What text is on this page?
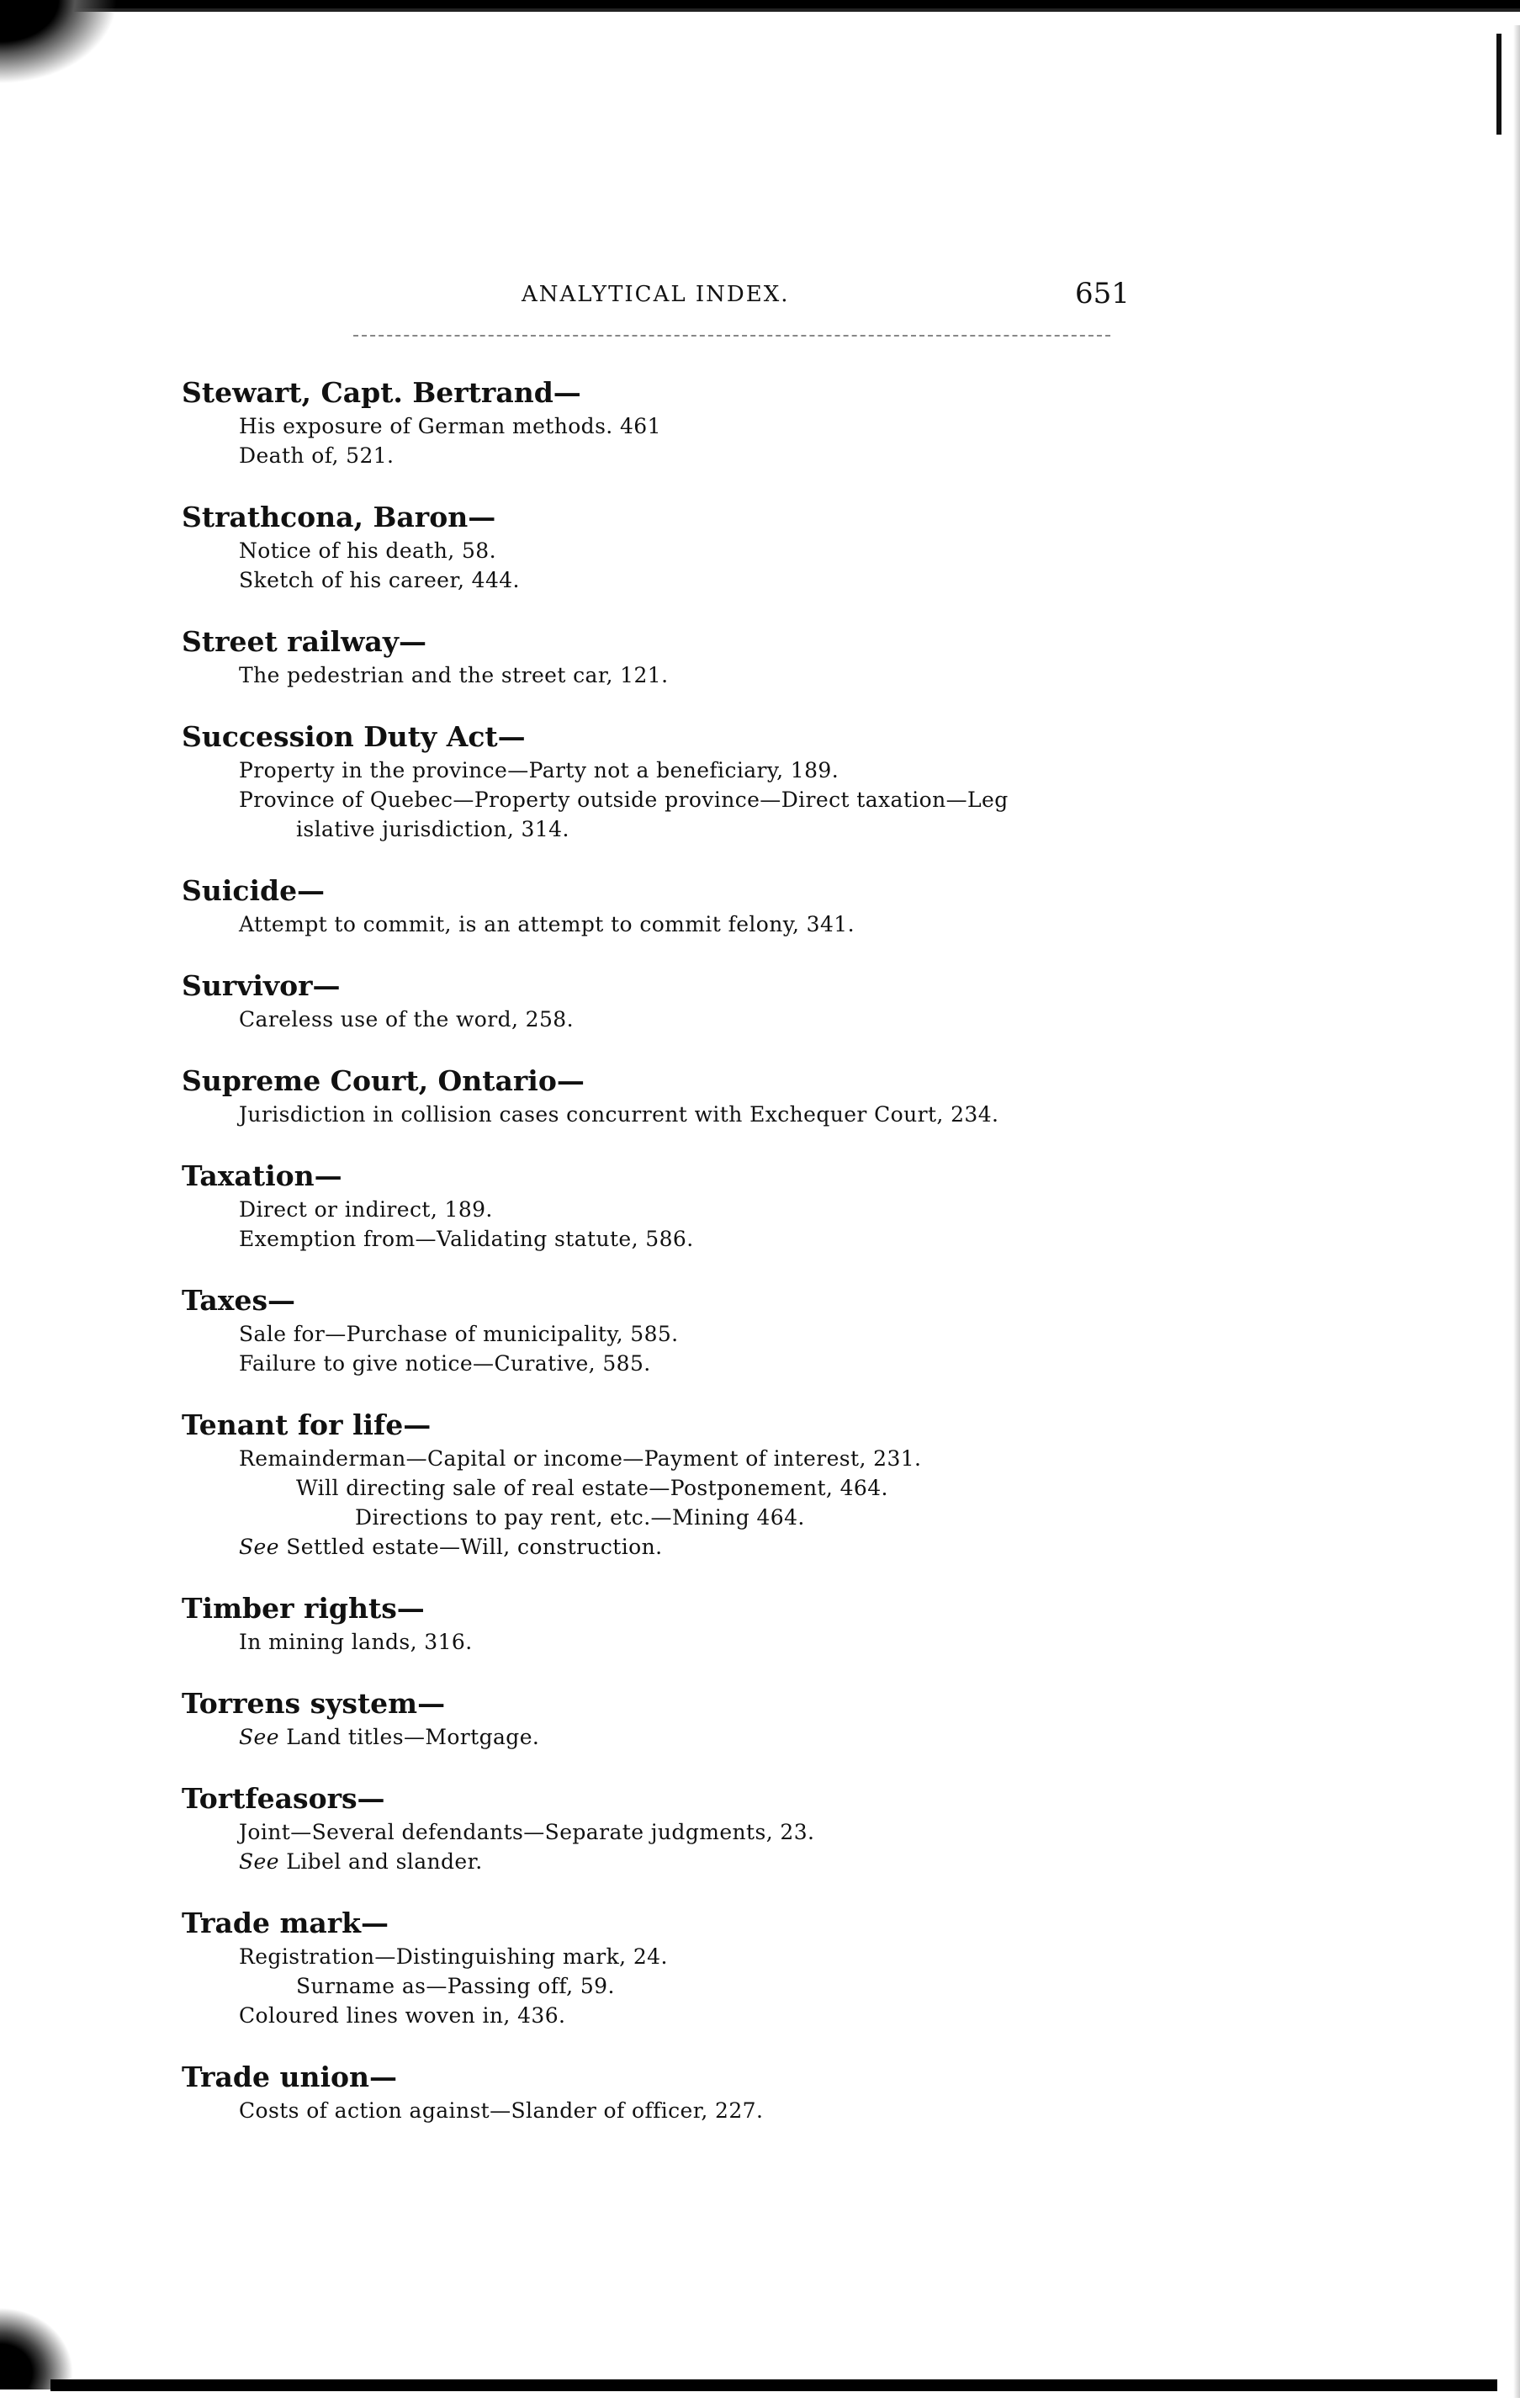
ANALYTICAL INDEX.	651
Stewart, Capt. Bertrand—
His exposure of German methods. 461
Death of, 521.
Strathcona, Baron—
Notice of his death, 58.
Sketch of his career, 444.
Street railway—
The pedestrian and the street car, 121.
Succession Duty Act—
Property in the province—Party not a beneficiary, 189.
Province of Quebec—Property outside province—Direct taxation—Leg
islative jurisdiction, 314.
Suicide—
Attempt to commit, is an attempt to commit felony, 341.
Survivor—
Careless use of the word, 258.
Supreme Court, Ontario—
Jurisdiction in collision cases concurrent with Exchequer Court, 234.
Taxation—
Direct or indirect, 189.
Exemption from—Validating statute, 586.
Taxes—
Sale for—Purchase of municipality, 585.
Failure to give notice—Curative, 585.
Tenant for life—
Remainderman—Capital or income—Payment of interest, 231.
Will directing sale of real estate—Postponement, 464.
Directions to pay rent, etc.—Mining 464.
See Settled estate—Will, construction.
Timber rights—
In mining lands, 316.
Torrens system—
See Land titles—Mortgage.
Tortfeasors—
Joint—Several defendants—Separate judgments, 23.
See Libel and slander.
Trade mark—
Registration—Distinguishing mark, 24.
Surname as—Passing off, 59.
Coloured lines woven in, 436.
Trade union—
Costs of action against—Slander of officer, 227.
